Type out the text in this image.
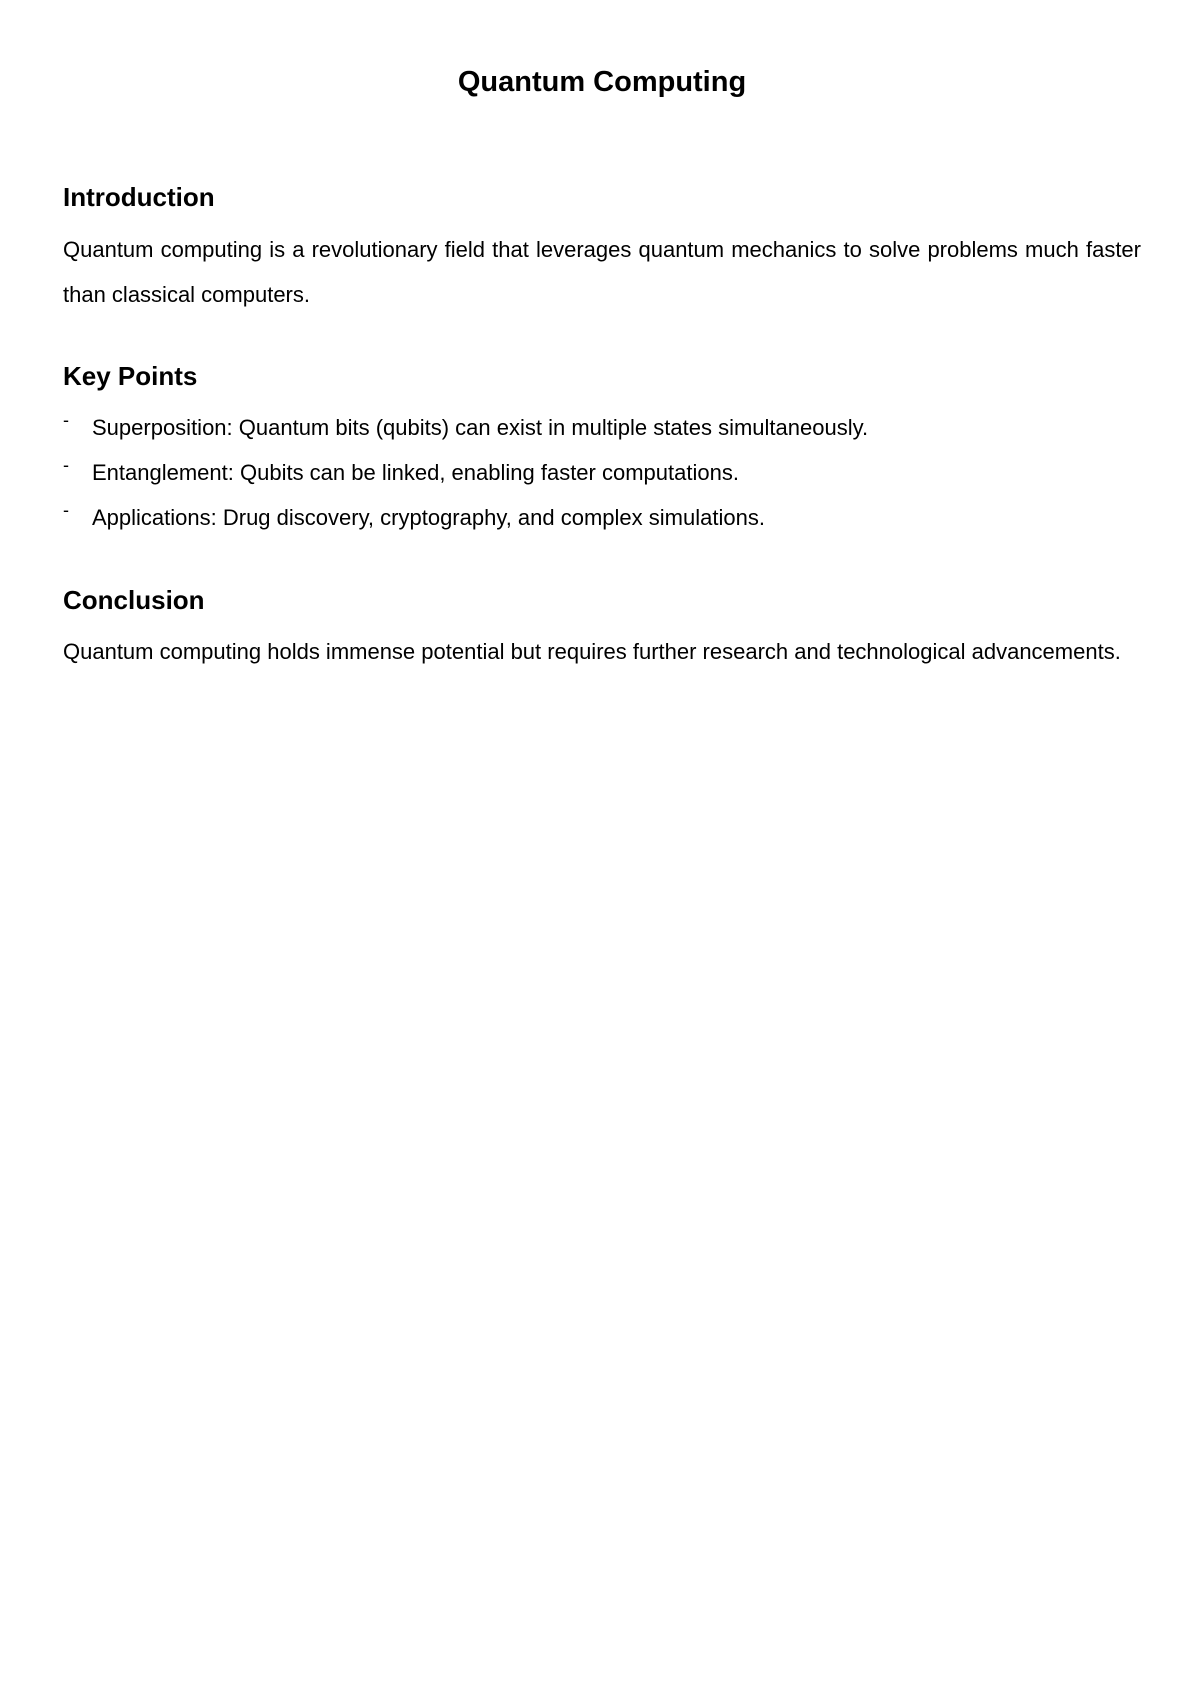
Quantum Computing
Introduction

Quantum computing is a revolutionary field that leverages quantum mechanics to solve problems much faster than classical computers.

Key Points
- Superposition: Quantum bits (qubits) can exist in multiple states simultaneously.
- Entanglement: Qubits can be linked, enabling faster computations.
- Applications: Drug discovery, cryptography, and complex simulations.
Conclusion

Quantum computing holds immense potential but requires further research and technological advancements.
